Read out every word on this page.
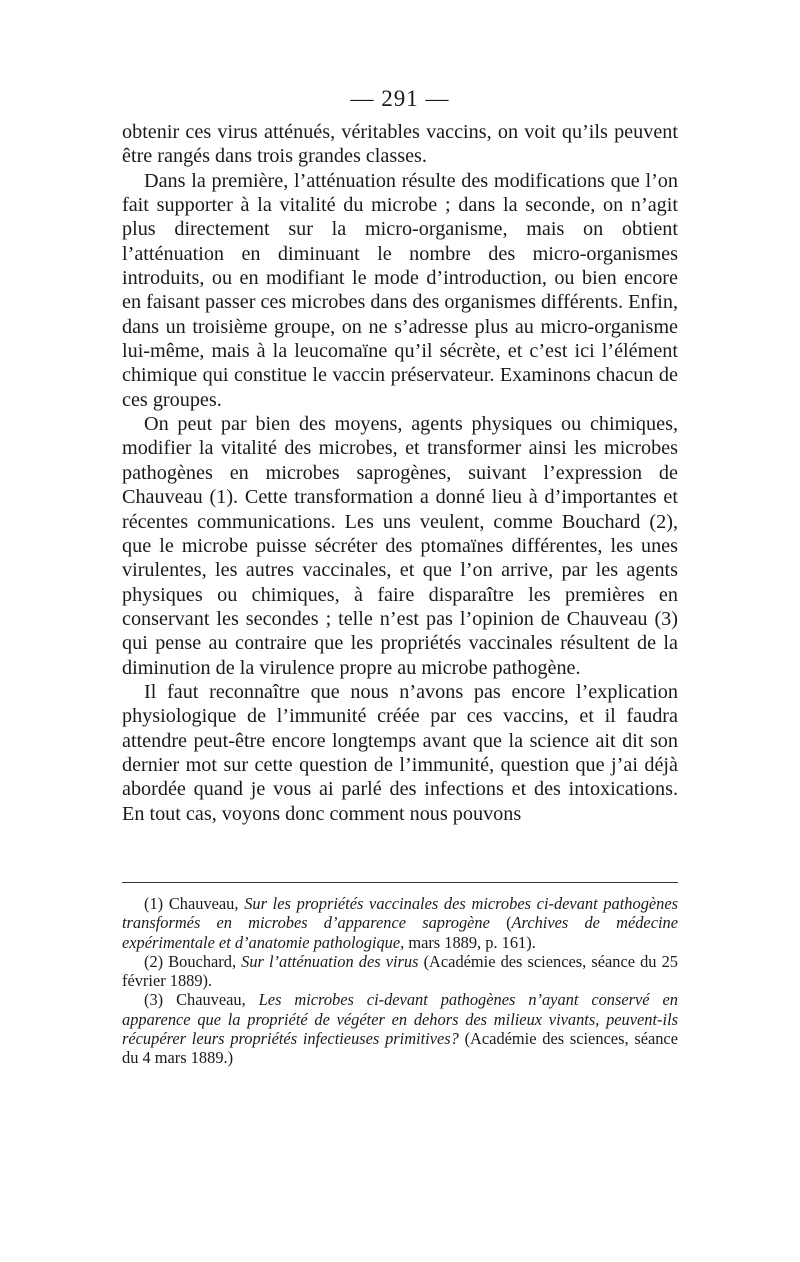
— 291 —

obtenir ces virus atténués, véritables vaccins, on voit qu’ils peuvent être rangés dans trois grandes classes.

Dans la première, l’atténuation résulte des modifications que l’on fait supporter à la vitalité du microbe ; dans la seconde, on n’agit plus directement sur la micro-organisme, mais on obtient l’atténuation en diminuant le nombre des micro-organismes introduits, ou en modifiant le mode d’introduction, ou bien encore en faisant passer ces microbes dans des organismes différents. Enfin, dans un troisième groupe, on ne s’adresse plus au micro-organisme lui-même, mais à la leucomaïne qu’il sécrète, et c’est ici l’élément chimique qui constitue le vaccin préservateur. Examinons chacun de ces groupes.

On peut par bien des moyens, agents physiques ou chimiques, modifier la vitalité des microbes, et transformer ainsi les microbes pathogènes en microbes saprogènes, suivant l’expression de Chauveau (1). Cette transformation a donné lieu à d’importantes et récentes communications. Les uns veulent, comme Bouchard (2), que le microbe puisse sécréter des ptomaïnes différentes, les unes virulentes, les autres vaccinales, et que l’on arrive, par les agents physiques ou chimiques, à faire disparaître les premières en conservant les secondes ; telle n’est pas l’opinion de Chauveau (3) qui pense au contraire que les propriétés vaccinales résultent de la diminution de la virulence propre au microbe pathogène.

Il faut reconnaître que nous n’avons pas encore l’explication physiologique de l’immunité créée par ces vaccins, et il faudra attendre peut-être encore longtemps avant que la science ait dit son dernier mot sur cette question de l’immunité, question que j’ai déjà abordée quand je vous ai parlé des infections et des intoxications. En tout cas, voyons donc comment nous pouvons

(1) Chauveau, Sur les propriétés vaccinales des microbes ci-devant pathogènes transformés en microbes d’apparence saprogène (Archives de médecine expérimentale et d’anatomie pathologique, mars 1889, p. 161).

(2) Bouchard, Sur l’atténuation des virus (Académie des sciences, séance du 25 février 1889).

(3) Chauveau, Les microbes ci-devant pathogènes n’ayant conservé en apparence que la propriété de végéter en dehors des milieux vivants, peuvent-ils récupérer leurs propriétés infectieuses primitives? (Académie des sciences, séance du 4 mars 1889.)
